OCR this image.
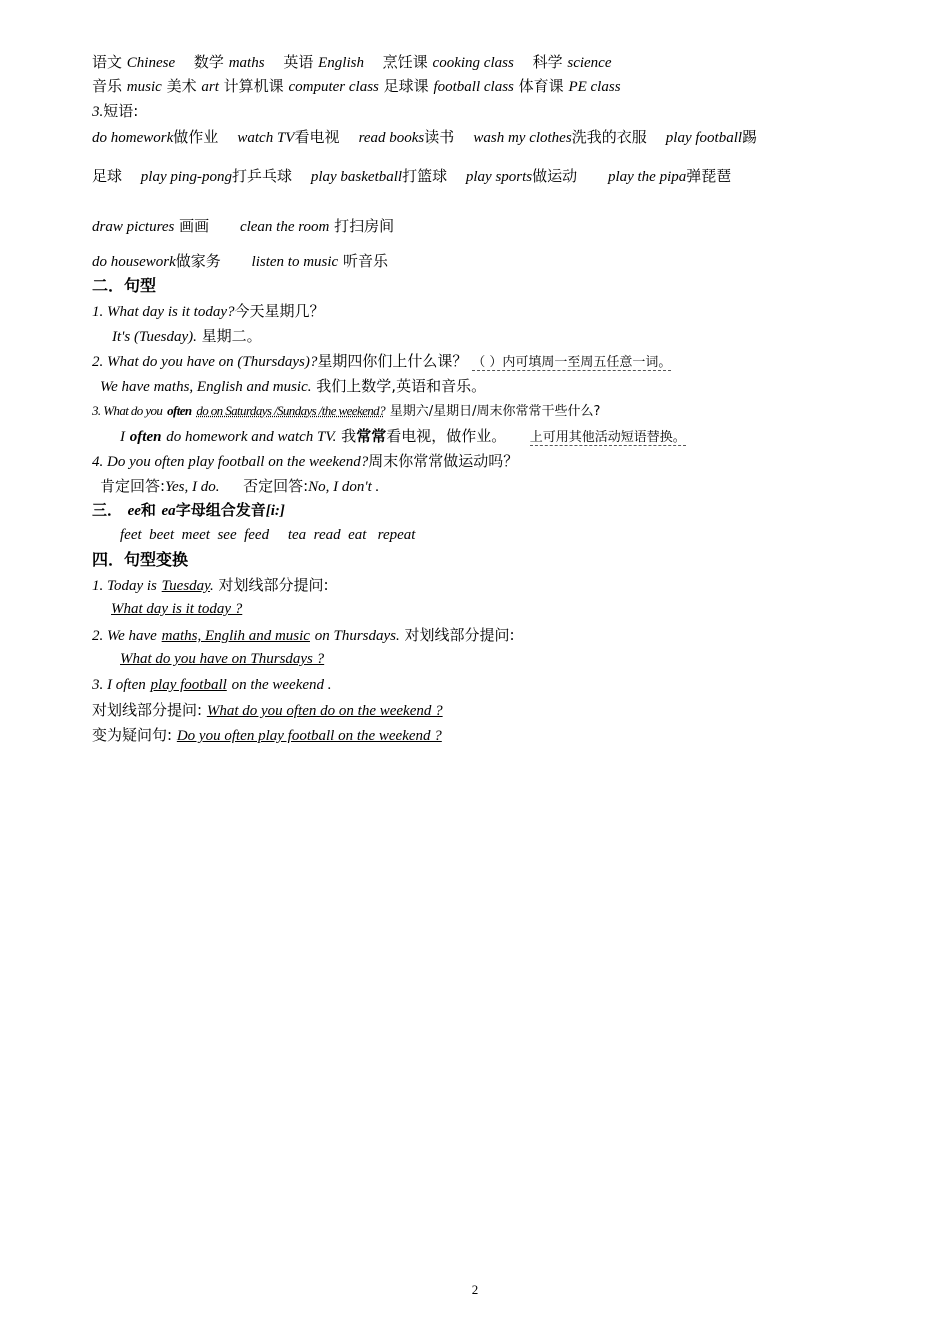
语文 Chinese 数学 maths 英语 English 烹饪课 cooking class 科学 science
音乐 music 美术 art 计算机课 computer class 足球课 football class 体育课 PE class
3.短语:
do homework做作业 watch TV看电视 read books读书 wash my clothes洗我的衣服 play football踢
足球 play ping-pong打乒乓球 play basketball打篮球 play sports做运动 play the pipa弹琵琶
draw pictures 画画 clean the room 打扫房间
do housework做家务 listen to music 听音乐
二．句型
1. What day is it today?今天星期几？
It's (Tuesday). 星期二。
2. What do you have on (Thursdays)?星期四你们上什么课？ （ ）内可填周一至周五任意一词。
We have maths, English and music. 我们上数学,英语和音乐。
3. What do you often do on Saturdays /Sundays /the weekend? 星期六/星期日/周末你常常干些什么?
I often do homework and watch TV. 我常常看电视，做作业。 上可用其他活动短语替换。
4. Do you often play football on the weekend?周末你常常做运动吗？
肯定回答:Yes, I do. 否定回答:No, I don't .
三． ee和 ea字母组合发音[i:]
feet  beet  meet  see  feed     tea  read  eat   repeat
四．句型变换
1. Today is Tuesday. 对划线部分提问:
What day is it today ?
2. We have maths, Englih and music on Thursdays. 对划线部分提问:
What do you have on Thursdays ?
3. I often play football on the weekend .
对划线部分提问: What do you often do on the weekend ?
变为疑问句: Do you often play football on the weekend ?
2
